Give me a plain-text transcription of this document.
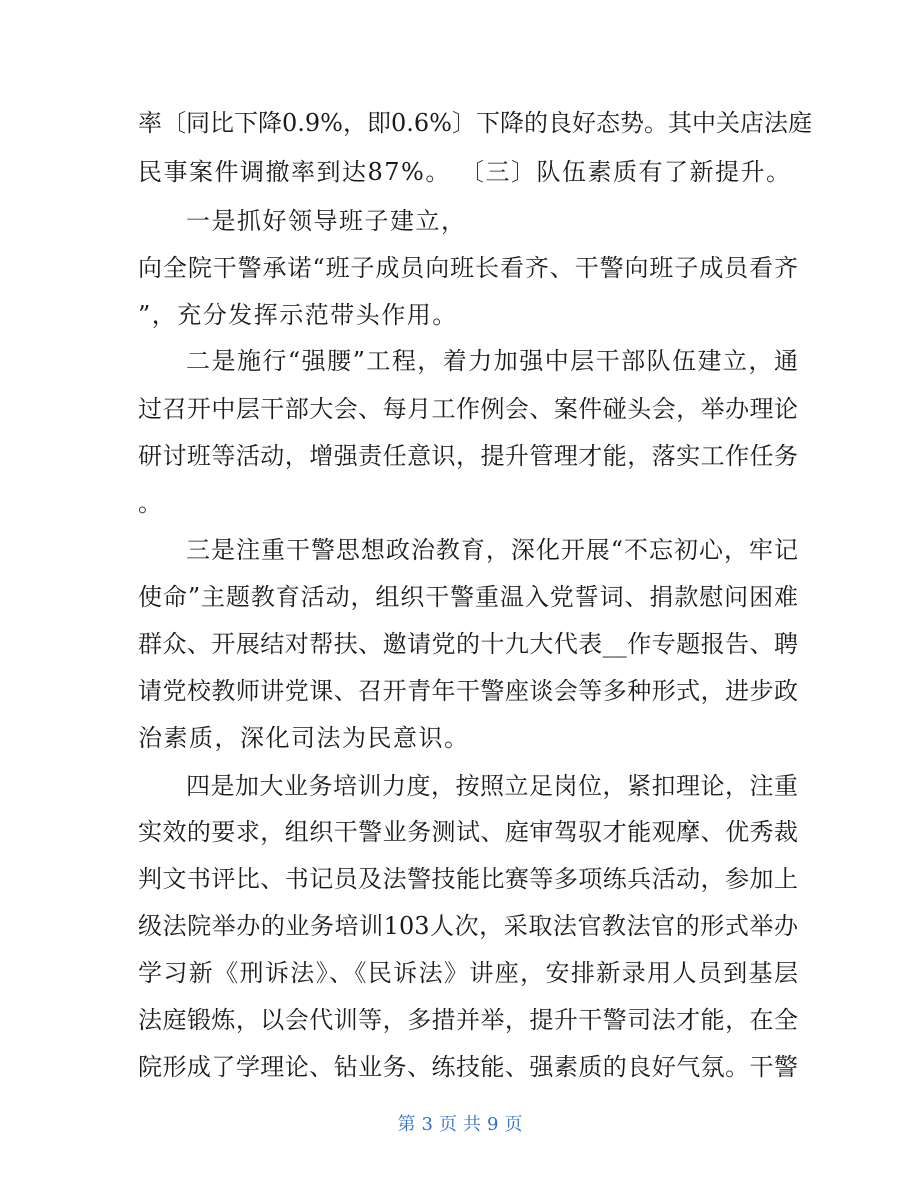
率〔同比下降0.9%，即0.6%〕下降的良好态势。其中关店法庭
民事案件调撤率到达87%。 〔三〕队伍素质有了新提升。
一是抓好领导班子建立，
向全院干警承诺“班子成员向班长看齐、干警向班子成员看齐
”，充分发挥示范带头作用。
二是施行“强腰”工程，着力加强中层干部队伍建立，通
过召开中层干部大会、每月工作例会、案件碰头会，举办理论
研讨班等活动，增强责任意识，提升管理才能，落实工作任务
。
三是注重干警思想政治教育，深化开展“不忘初心，牢记
使命”主题教育活动，组织干警重温入党誓词、捐款慰问困难
群众、开展结对帮扶、邀请党的十九大代表__作专题报告、聘
请党校教师讲党课、召开青年干警座谈会等多种形式，进步政
治素质，深化司法为民意识。
四是加大业务培训力度，按照立足岗位，紧扣理论，注重
实效的要求，组织干警业务测试、庭审驾驭才能观摩、优秀裁
判文书评比、书记员及法警技能比赛等多项练兵活动，参加上
级法院举办的业务培训103人次，采取法官教法官的形式举办
学习新《刑诉法》、《民诉法》讲座，安排新录用人员到基层
法庭锻炼，以会代训等，多措并举，提升干警司法才能，在全
院形成了学理论、钻业务、练技能、强素质的良好气氛。干警
第 3 页 共 9 页
